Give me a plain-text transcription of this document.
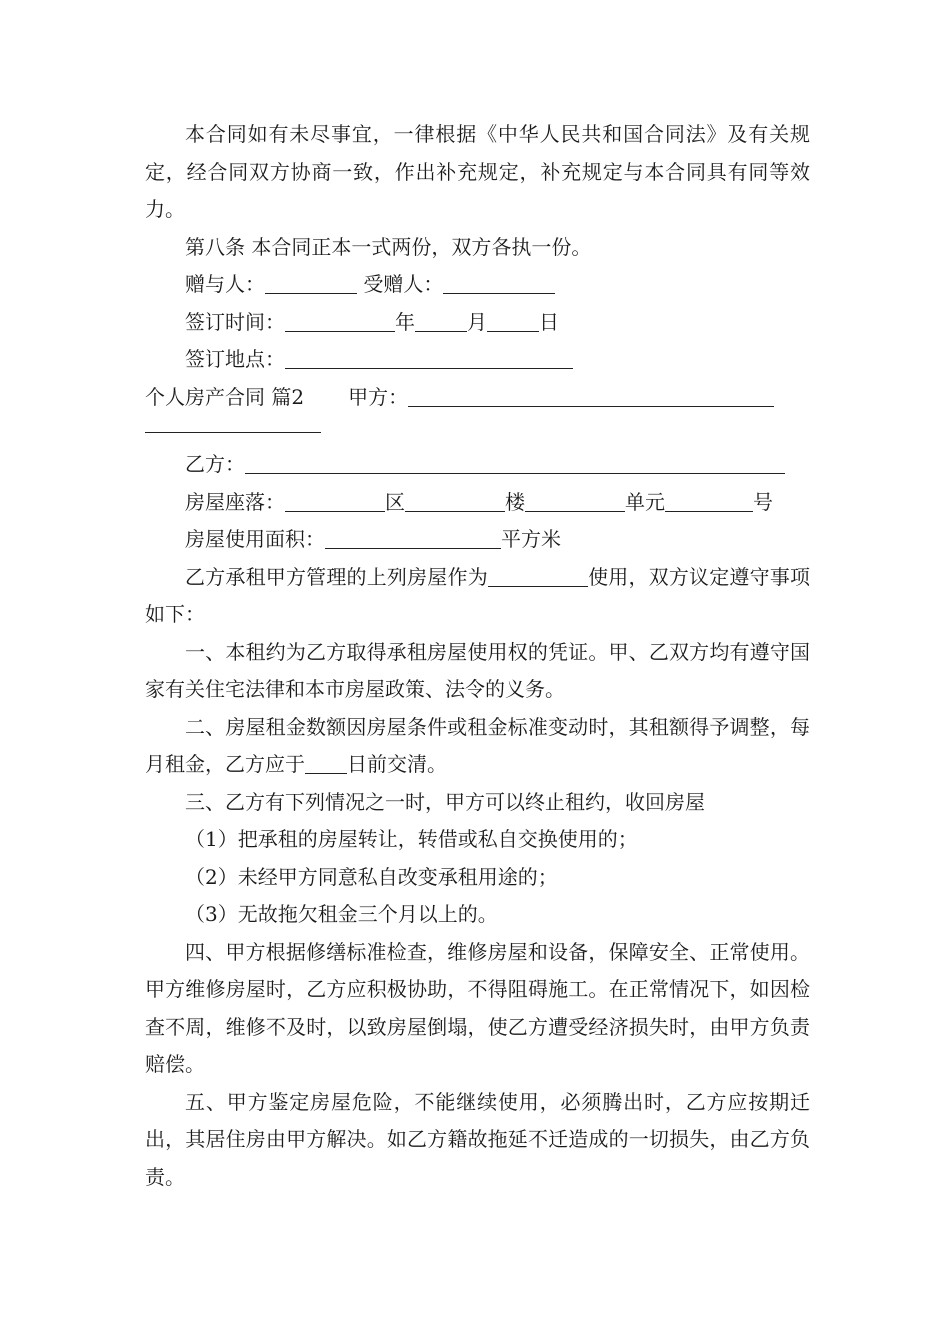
本合同如有未尽事宜，一律根据《中华人民共和国合同法》及有关规定，经合同双方协商一致，作出补充规定，补充规定与本合同具有同等效力。

第八条 本合同正本一式两份，双方各执一份。

赠与人：	受赠人：

签订时间：	年	月	日

签订地点：

个人房产合同 篇2 甲方：

乙方：

房屋座落：	区	楼	单元	号

房屋使用面积：	平方米

乙方承租甲方管理的上列房屋作为	使用，双方议定遵守事项如下：

一、本租约为乙方取得承租房屋使用权的凭证。甲、乙双方均有遵守国家有关住宅法律和本市房屋政策、法令的义务。

二、房屋租金数额因房屋条件或租金标准变动时，其租额得予调整，每月租金，乙方应于 日前交清。

三、乙方有下列情况之一时，甲方可以终止租约，收回房屋

（1）把承租的房屋转让，转借或私自交换使用的；

（2）未经甲方同意私自改变承租用途的；

（3）无故拖欠租金三个月以上的。

四、甲方根据修缮标准检查，维修房屋和设备，保障安全、正常使用。甲方维修房屋时，乙方应积极协助，不得阻碍施工。在正常情况下，如因检查不周，维修不及时，以致房屋倒塌，使乙方遭受经济损失时，由甲方负责赔偿。

五、甲方鉴定房屋危险，不能继续使用，必须腾出时，乙方应按期迁出，其居住房由甲方解决。如乙方籍故拖延不迁造成的一切损失，由乙方负责。
